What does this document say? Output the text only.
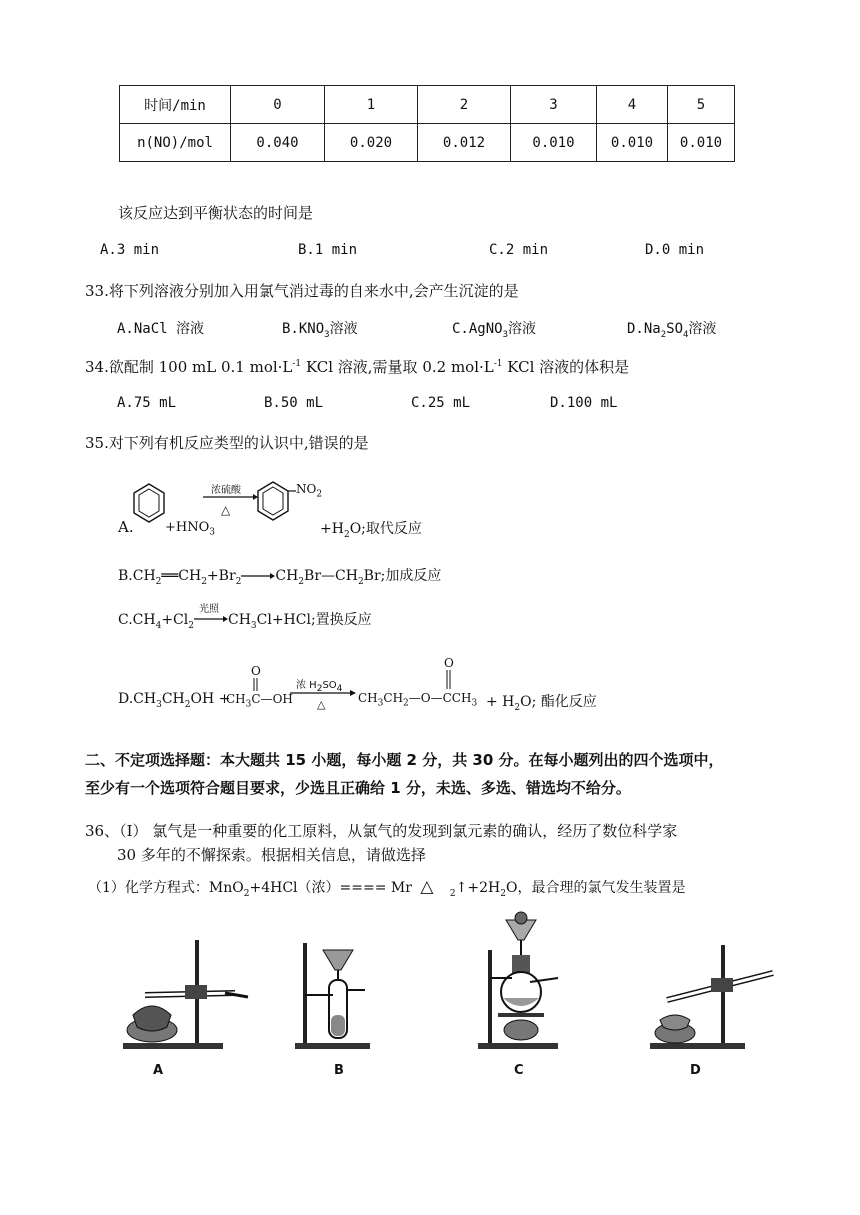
时间/min	0	1	2	3	4	5
n(NO)/mol	0.040	0.020	0.012	0.010	0.010	0.010
该反应达到平衡状态的时间是
A.3 min	B.1 min	C.2 min	D.0 min
33.将下列溶液分别加入用氯气消过毒的自来水中,会产生沉淀的是
A.NaCl 溶液	$B.KNO_3$溶液	C.AgNO$_3$溶液	$D.Na_2SO_4$溶液
34.欲配制 100 mL 0.1 $mol\cdot L^{-1}$ KCl 溶液,需量取 0.2 $mol\cdot L^{-1}$ KCl 溶液的体积是
A.75 mL	B.50 mL	C.25 mL	D.100 mL
35.对下列有机反应类型的认识中,错误的是
A. $+HNO_3$
浓硫酸
△
$NO_2$
$+H_2O$;取代反应
$B.CH_2══CH_2+Br_2$ $\to CH_2Br—CH_2Br$;加成反应
$C.CH_4+Cl_2$
光照
$CH_3Cl+HCl$;置换反应
$D.CH_3CH_2OH$ +
O
$CH_3C—OH$
浓 $H_2SO_4$
△
O
$CH_3CH_2—O—CCH_3 + H_2O$; 酯化反应
二、不定项选择题：本大题共 15 小题，每小题 2 分，共 30 分。在每小题列出的四个选项中，
至少有一个选项符合题目要求，少选且正确给 1 分，未选、多选、错选均不给分。
36、（Ⅰ） 氯气是一种重要的化工原料，从氯气的发现到氯元素的确认，经历了数位科学家
30 多年的不懈探索。根据相关信息，请做选择
（1）化学方程式：MnO$_2$+4HCl（浓）==== Mr △ $_2↑+2H_2O$，最合理的氯气发生装置是
A	B	C	D
